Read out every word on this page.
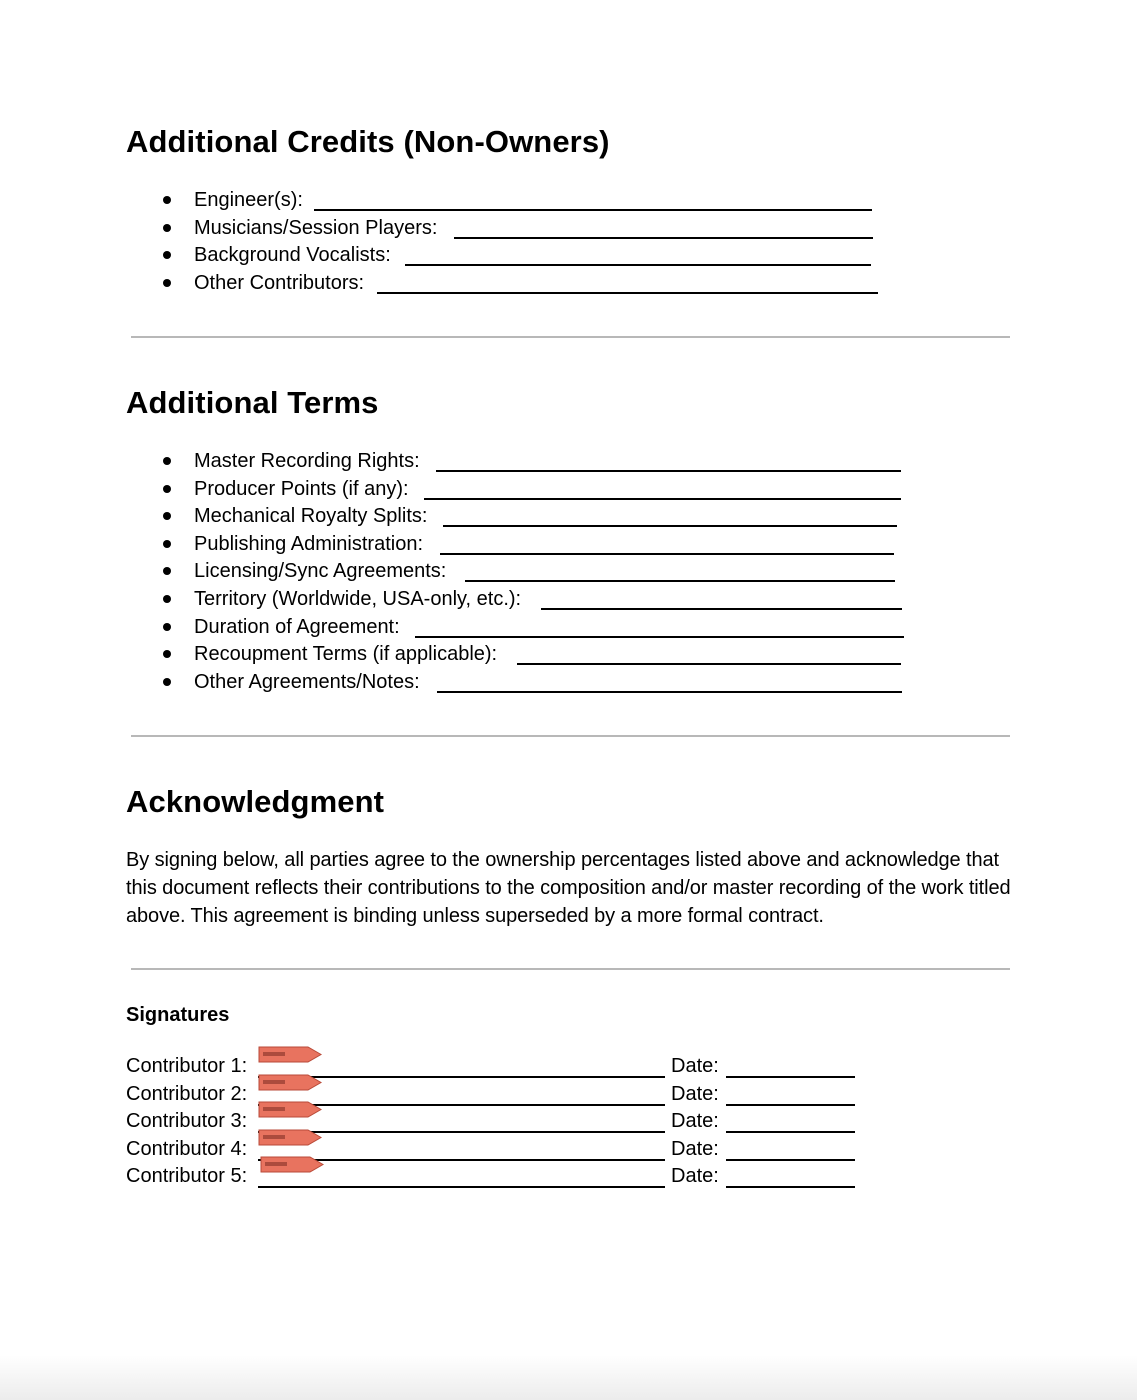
Additional Credits (Non-Owners)
Engineer(s):
Musicians/Session Players:
Background Vocalists:
Other Contributors:
Additional Terms
Master Recording Rights:
Producer Points (if any):
Mechanical Royalty Splits:
Publishing Administration:
Licensing/Sync Agreements:
Territory (Worldwide, USA-only, etc.):
Duration of Agreement:
Recoupment Terms (if applicable):
Other Agreements/Notes:
Acknowledgment

By signing below, all parties agree to the ownership percentages listed above and acknowledge that this document reflects their contributions to the composition and/or master recording of the work titled above. This agreement is binding unless superseded by a more formal contract.

Signatures
Contributor 1:	Date:
Contributor 2:	Date:
Contributor 3:	Date:
Contributor 4:	Date:
Contributor 5:	Date:
